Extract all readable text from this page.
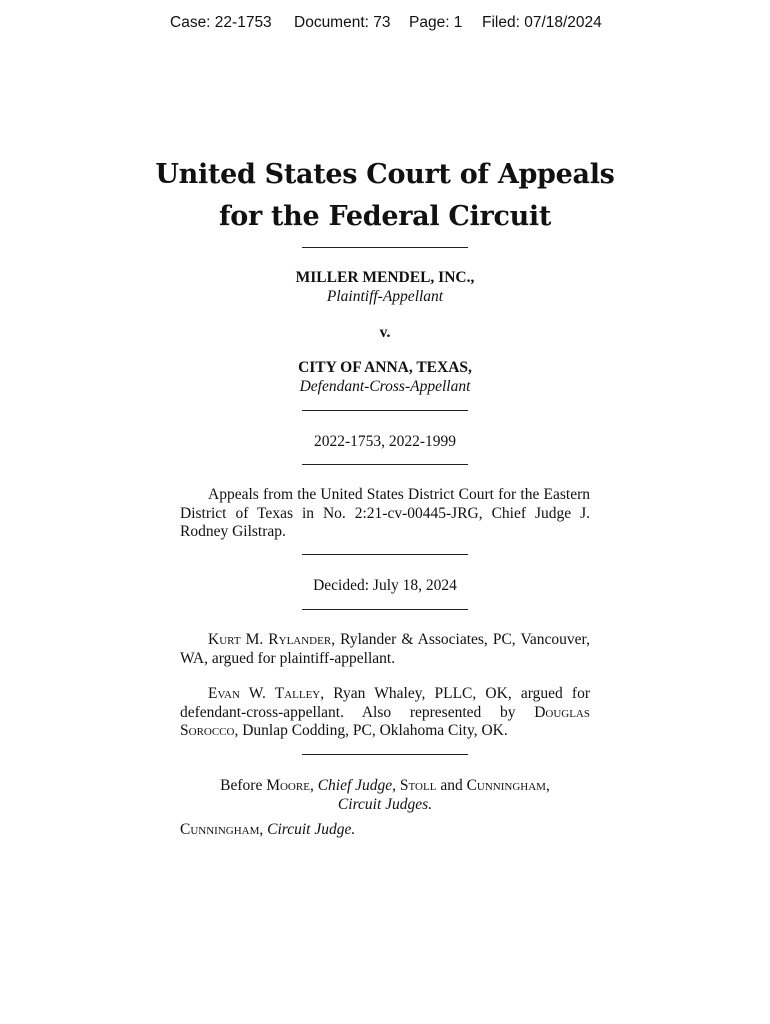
Case: 22-1753 Document: 73 Page: 1 Filed: 07/18/2024
United States Court of Appeals
for the Federal Circuit
MILLER MENDEL, INC.,
Plaintiff-Appellant
v.
CITY OF ANNA, TEXAS,
Defendant-Cross-Appellant
2022-1753, 2022-1999
Appeals from the United States District Court for the Eastern District of Texas in No. 2:21-cv-00445-JRG, Chief Judge J. Rodney Gilstrap.
Decided: July 18, 2024
Kurt M. Rylander, Rylander & Associates, PC, Vancouver, WA, argued for plaintiff-appellant.
Evan W. Talley, Ryan Whaley, PLLC, OK, argued for defendant-cross-appellant. Also represented by Douglas Sorocco, Dunlap Codding, PC, Oklahoma City, OK.
Before Moore, Chief Judge, Stoll and Cunningham,
Circuit Judges.
Cunningham, Circuit Judge.
